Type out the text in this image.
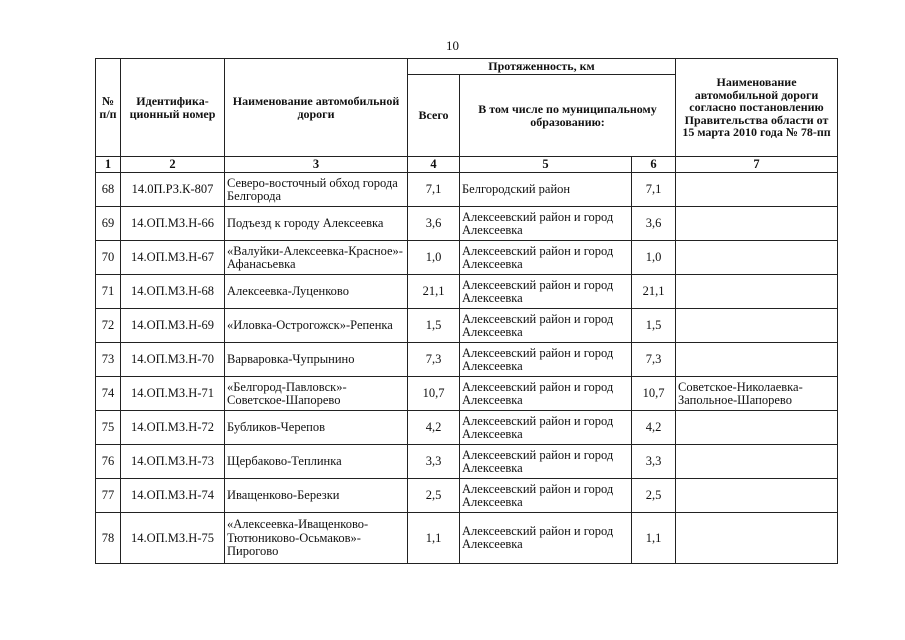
10
№ п/п	Идентифика- ционный номер	Наименование автомобильной дороги	Протяженность, км			Наименование автомобильной дороги согласно постановлению Правительства области от 15 марта 2010 года № 78-пп
			Всего	В том числе по муниципальному образованию:		
1	2	3	4	5	6	7
68	14.0П.РЗ.К-807	Северо-восточный обход города Белгорода	7,1	Белгородский район	7,1	
69	14.ОП.МЗ.Н-66	Подъезд к городу Алексеевка	3,6	Алексеевский район и город Алексеевка	3,6	
70	14.ОП.МЗ.Н-67	«Валуйки-Алексеевка-Красное»-Афанасьевка	1,0	Алексеевский район и город Алексеевка	1,0	
71	14.ОП.МЗ.Н-68	Алексеевка-Луценково	21,1	Алексеевский район и город Алексеевка	21,1	
72	14.ОП.МЗ.Н-69	«Иловка-Острогожск»-Репенка	1,5	Алексеевский район и город Алексеевка	1,5	
73	14.ОП.МЗ.Н-70	Варваровка-Чупрынино	7,3	Алексеевский район и город Алексеевка	7,3	
74	14.ОП.МЗ.Н-71	«Белгород-Павловск»-Советское-Шапорево	10,7	Алексеевский район и город Алексеевка	10,7	Советское-Николаевка-Запольное-Шапорево
75	14.ОП.МЗ.Н-72	Бубликов-Черепов	4,2	Алексеевский район и город Алексеевка	4,2	
76	14.ОП.МЗ.Н-73	Щербаково-Теплинка	3,3	Алексеевский район и город Алексеевка	3,3	
77	14.ОП.МЗ.Н-74	Иващенково-Березки	2,5	Алексеевский район и город Алексеевка	2,5	
78	14.ОП.МЗ.Н-75	«Алексеевка-Иващенково-Тютюниково-Осьмаков»-Пирогово	1,1	Алексеевский район и город Алексеевка	1,1	
